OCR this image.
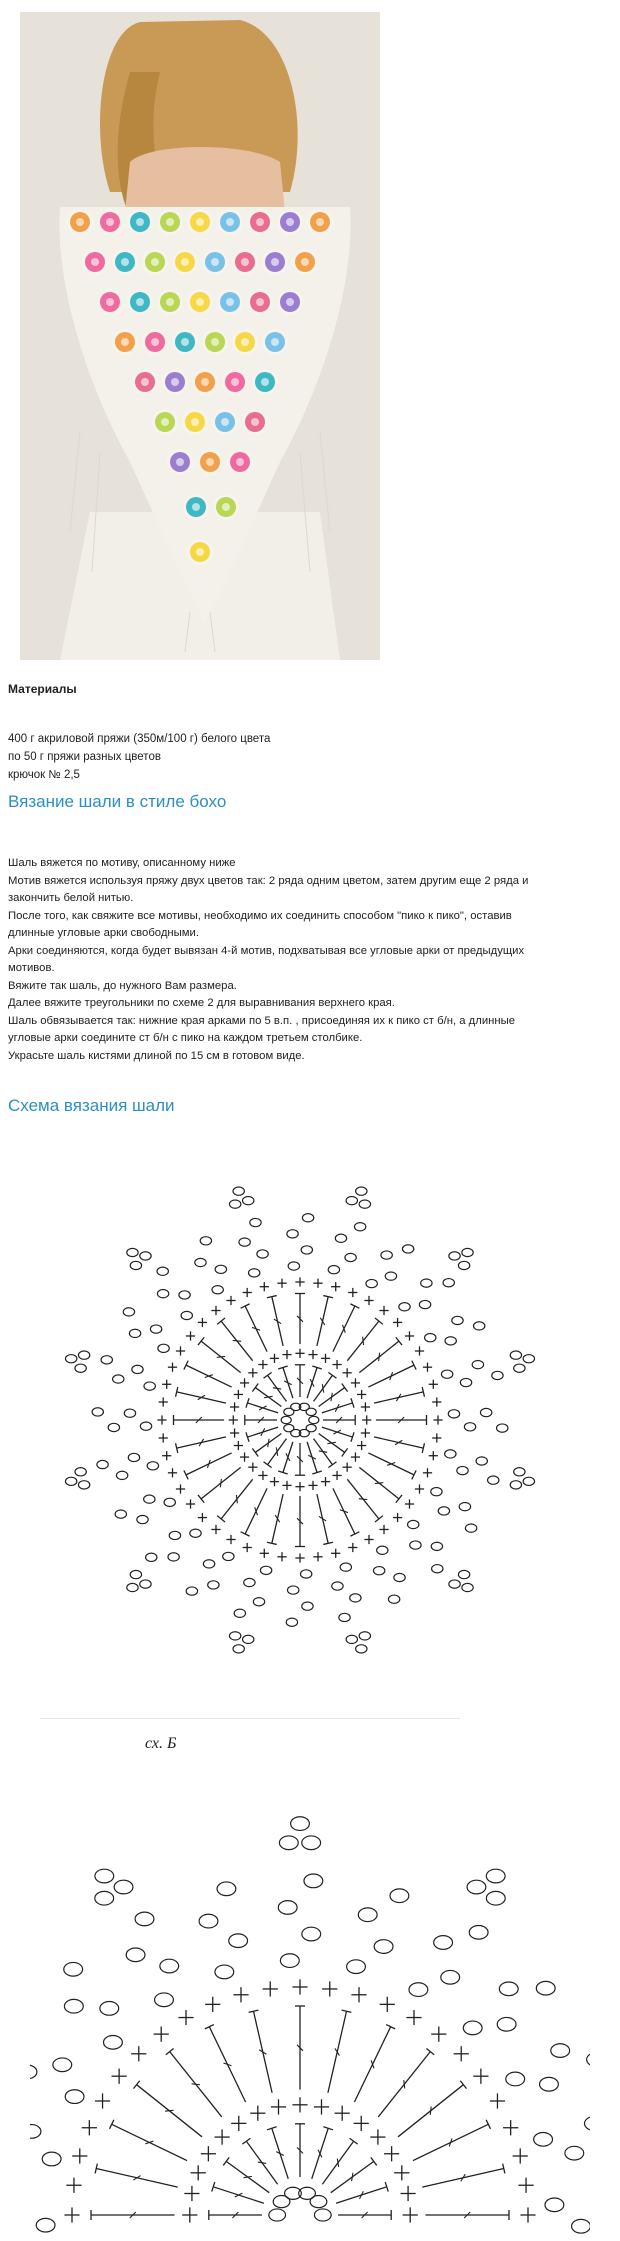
Материалы
400 г акриловой пряжи (350м/100 г) белого цвета
по 50 г пряжи разных цветов
крючок № 2,5
Вязание шали в стиле бохо

Шаль вяжется по мотиву, описанному ниже

Мотив вяжется используя пряжу двух цветов так: 2 ряда одним цветом, затем другим еще 2 ряда и закончить белой нитью.

После того, как свяжите все мотивы, необходимо их соединить способом "пико к пико", оставив длинные угловые арки свободными.

Арки соединяются, когда будет вывязан 4-й мотив, подхватывая все угловые арки от предыдущих мотивов.

Вяжите так шаль, до нужного Вам размера.

Далее вяжите треугольники по схеме 2 для выравнивания верхнего края.

Шаль обвязывается так: нижние края арками по 5 в.п. , присоединяя их к пико ст б/н, а длинные угловые арки соедините ст б/н с пико на каждом третьем столбике.

Украсьте шаль кистями длиной по 15 см в готовом виде.

Схема вязания шали
сх. Б
